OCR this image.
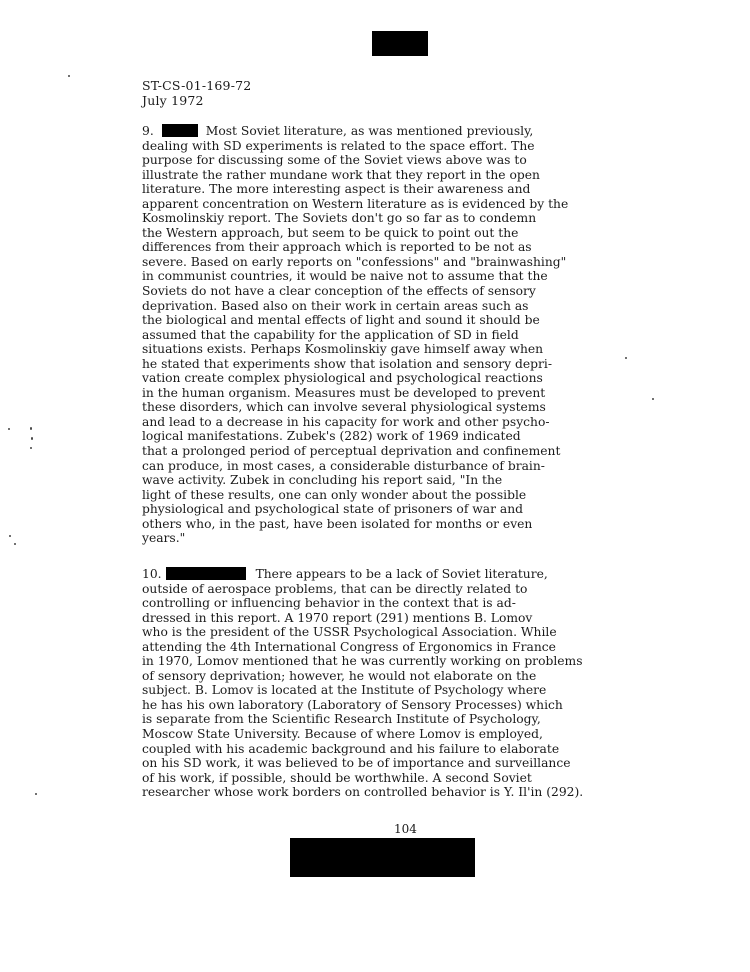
ST-CS-01-169-72
July 1972
9.	Most Soviet literature, as was mentioned previously,
dealing with SD experiments is related to the space effort. The
purpose for discussing some of the Soviet views above was to
illustrate the rather mundane work that they report in the open
literature. The more interesting aspect is their awareness and
apparent concentration on Western literature as is evidenced by the
Kosmolinskiy report. The Soviets don't go so far as to condemn
the Western approach, but seem to be quick to point out the
differences from their approach which is reported to be not as
severe. Based on early reports on "confessions" and "brainwashing"
in communist countries, it would be naive not to assume that the
Soviets do not have a clear conception of the effects of sensory
deprivation. Based also on their work in certain areas such as
the biological and mental effects of light and sound it should be
assumed that the capability for the application of SD in field
situations exists. Perhaps Kosmolinskiy gave himself away when
he stated that experiments show that isolation and sensory depri-
vation create complex physiological and psychological reactions
in the human organism. Measures must be developed to prevent
these disorders, which can involve several physiological systems
and lead to a decrease in his capacity for work and other psycho-
logical manifestations. Zubek's (282) work of 1969 indicated
that a prolonged period of perceptual deprivation and confinement
can produce, in most cases, a considerable disturbance of brain-
wave activity. Zubek in concluding his report said, "In the
light of these results, one can only wonder about the possible
physiological and psychological state of prisoners of war and
others who, in the past, have been isolated for months or even
years."
10.	There appears to be a lack of Soviet literature,
outside of aerospace problems, that can be directly related to
controlling or influencing behavior in the context that is ad-
dressed in this report. A 1970 report (291) mentions B. Lomov
who is the president of the USSR Psychological Association. While
attending the 4th International Congress of Ergonomics in France
in 1970, Lomov mentioned that he was currently working on problems
of sensory deprivation; however, he would not elaborate on the
subject. B. Lomov is located at the Institute of Psychology where
he has his own laboratory (Laboratory of Sensory Processes) which
is separate from the Scientific Research Institute of Psychology,
Moscow State University. Because of where Lomov is employed,
coupled with his academic background and his failure to elaborate
on his SD work, it was believed to be of importance and surveillance
of his work, if possible, should be worthwhile. A second Soviet
researcher whose work borders on controlled behavior is Y. Il'in (292).
104
